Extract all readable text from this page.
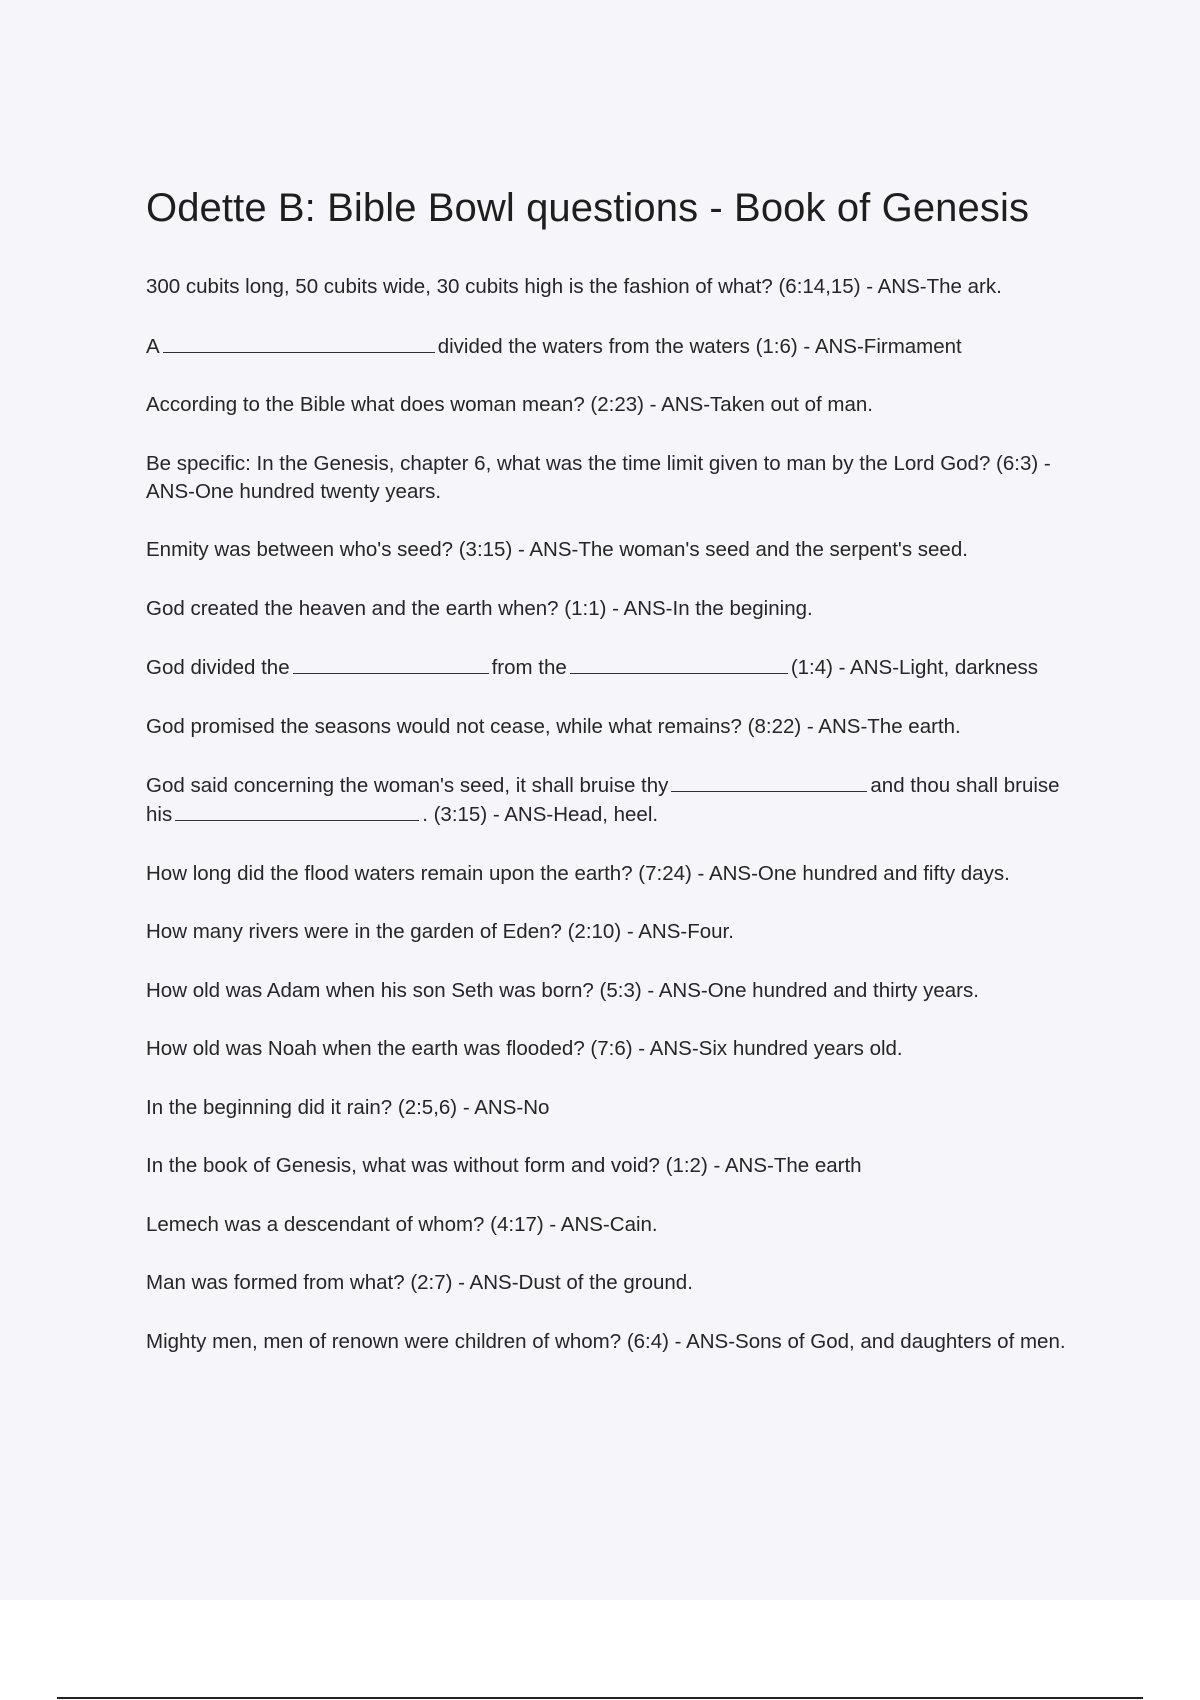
Odette B: Bible Bowl questions - Book of Genesis

300 cubits long, 50 cubits wide, 30 cubits high is the fashion of what? (6:14,15) - ANS-The ark.

A	divided the waters from the waters (1:6) - ANS-Firmament

According to the Bible what does woman mean? (2:23) - ANS-Taken out of man.

Be specific: In the Genesis, chapter 6, what was the time limit given to man by the Lord God? (6:3) - ANS-One hundred twenty years.

Enmity was between who's seed? (3:15) - ANS-The woman's seed and the serpent's seed.

God created the heaven and the earth when? (1:1) - ANS-In the begining.

God divided the	from the	(1:4) - ANS-Light, darkness

God promised the seasons would not cease, while what remains? (8:22) - ANS-The earth.

God said concerning the woman's seed, it shall bruise thy	and thou shall bruise his	. (3:15) - ANS-Head, heel.

How long did the flood waters remain upon the earth? (7:24) - ANS-One hundred and fifty days.

How many rivers were in the garden of Eden? (2:10) - ANS-Four.

How old was Adam when his son Seth was born? (5:3) - ANS-One hundred and thirty years.

How old was Noah when the earth was flooded? (7:6) - ANS-Six hundred years old.

In the beginning did it rain? (2:5,6) - ANS-No

In the book of Genesis, what was without form and void? (1:2) - ANS-The earth

Lemech was a descendant of whom? (4:17) - ANS-Cain.

Man was formed from what? (2:7) - ANS-Dust of the ground.

Mighty men, men of renown were children of whom? (6:4) - ANS-Sons of God, and daughters of men.
